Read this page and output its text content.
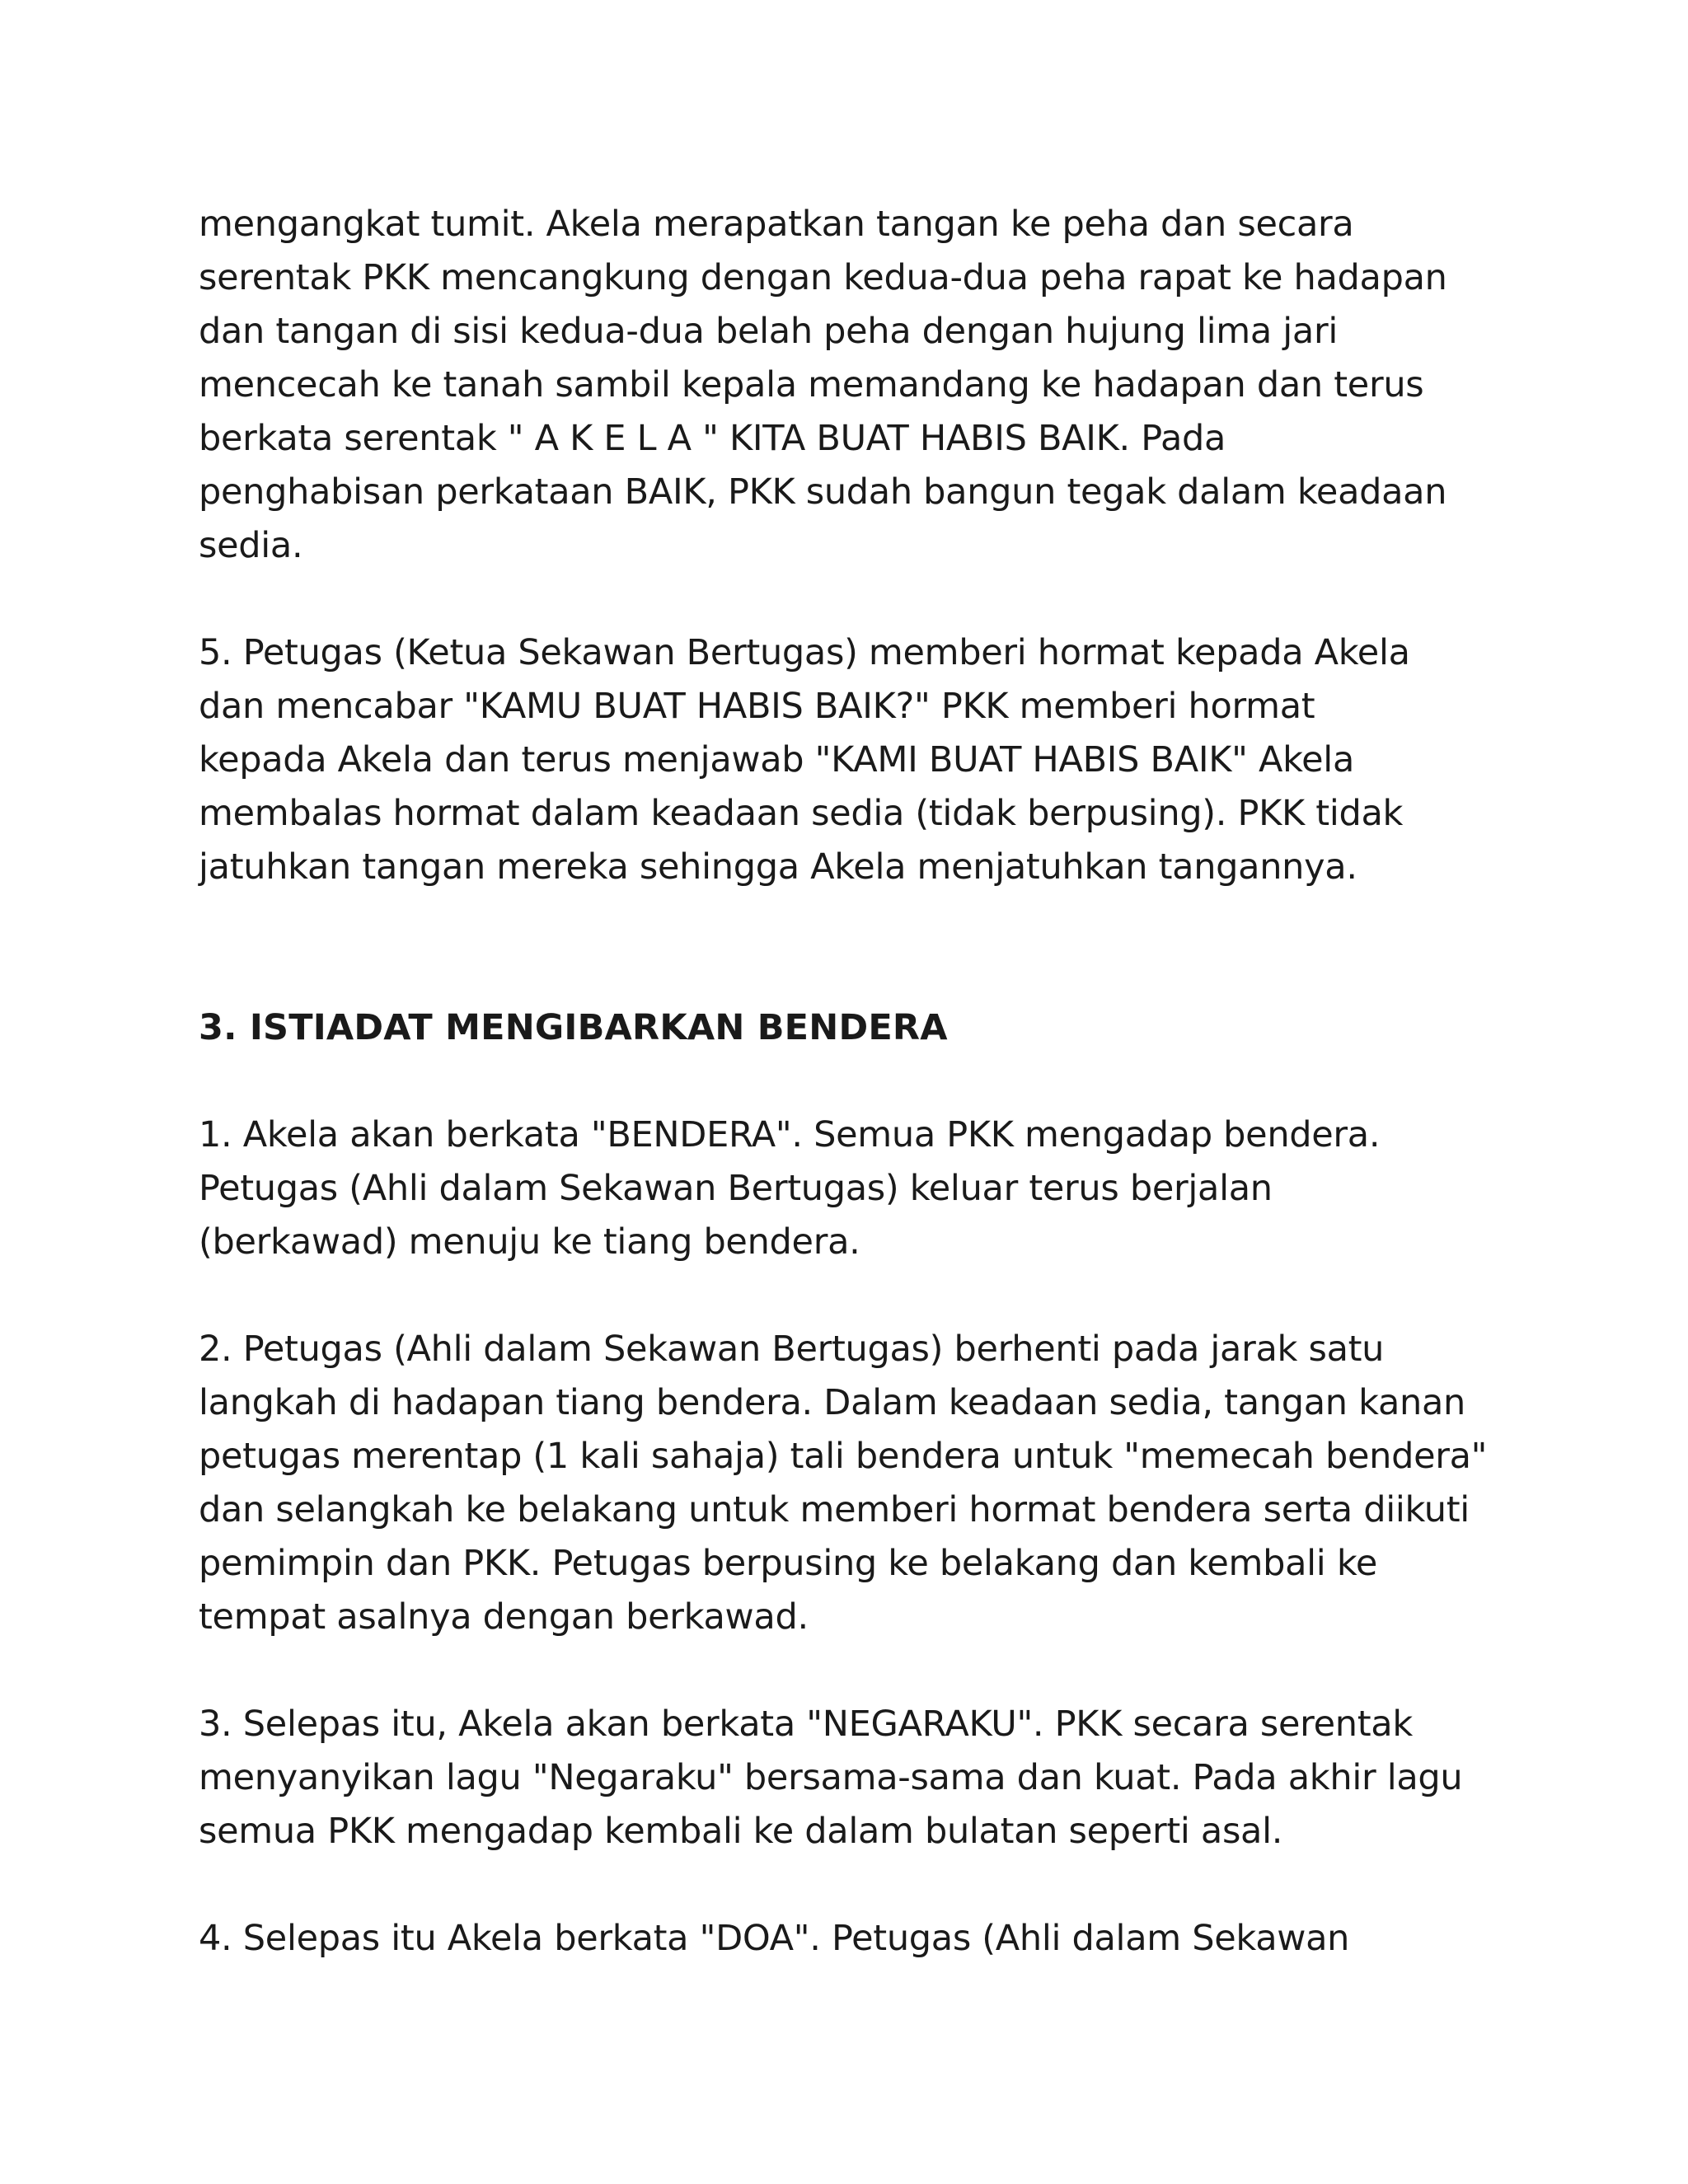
mengangkat tumit. Akela merapatkan tangan ke peha dan secara
serentak PKK mencangkung dengan kedua-dua peha rapat ke hadapan
dan tangan di sisi kedua-dua belah peha dengan hujung lima jari
mencecah ke tanah sambil kepala memandang ke hadapan dan terus
berkata serentak " A K E L A " KITA BUAT HABIS BAIK. Pada
penghabisan perkataan BAIK, PKK sudah bangun tegak dalam keadaan
sedia.
5. Petugas (Ketua Sekawan Bertugas) memberi hormat kepada Akela
dan mencabar "KAMU BUAT HABIS BAIK?" PKK memberi hormat
kepada Akela dan terus menjawab "KAMI BUAT HABIS BAIK" Akela
membalas hormat dalam keadaan sedia (tidak berpusing). PKK tidak
jatuhkan tangan mereka sehingga Akela menjatuhkan tangannya.
3. ISTIADAT MENGIBARKAN BENDERA
1. Akela akan berkata "BENDERA". Semua PKK mengadap bendera.
Petugas (Ahli dalam Sekawan Bertugas) keluar terus berjalan
(berkawad) menuju ke tiang bendera.
2. Petugas (Ahli dalam Sekawan Bertugas) berhenti pada jarak satu
langkah di hadapan tiang bendera. Dalam keadaan sedia, tangan kanan
petugas merentap (1 kali sahaja) tali bendera untuk "memecah bendera"
dan selangkah ke belakang untuk memberi hormat bendera serta diikuti
pemimpin dan PKK. Petugas berpusing ke belakang dan kembali ke
tempat asalnya dengan berkawad.
3. Selepas itu, Akela akan berkata "NEGARAKU". PKK secara serentak
menyanyikan lagu "Negaraku" bersama-sama dan kuat. Pada akhir lagu
semua PKK mengadap kembali ke dalam bulatan seperti asal.
4. Selepas itu Akela berkata "DOA". Petugas (Ahli dalam Sekawan
